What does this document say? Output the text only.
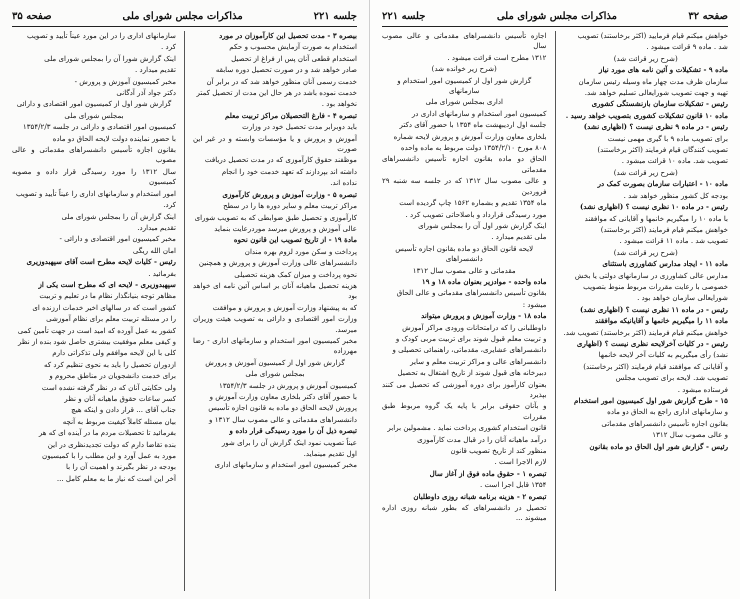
جلسه ۲۲۱
مذاکرات مجلس شورای ملی
صفحه ۳۵

بیصره ۳ - مدت تحصیل این کارآموزان در مورد

استخدام به صورت آزمایش محسوب و حکم

استخدام قطعی آنان پس از فراغ از تحصیل

صادر خواهد شد و در صورت تحصیل دوره سابقه

خدمت رسمی آنان منظور خواهد شد که در برابر آن

خدمت نموده باشد در هر حال این مدت از تحصیل کمتر

نخواهد بود .

تبصره ۴ - فارغ التحصیلان مراکز تربیت معلم

باید دوبرابر مدت تحصیل خود در وزارت

آموزش و پرورش و یا مؤسسات وابسته و در غیر این صورت

موظفند حقوق کارآموزی که در مدت تحصیل دریافت

داشته اند بپردازند که تعهد خدمت خود را انجام

نداده اند.

تبصره ۵ - وزارت آموزش و پرورش کارآموزی

مراکز تربیت معلم و سایر دوره ها را در سطح

کارآموزی و تحصیل طبق ضوابطی که به تصویب شورای

عالی آموزش و پرورش میرسد موردرعایت بنماید

مادة ۱۹ - از تاریخ تصویب این قانون نحوه

پرداخت و سکن مورد لزوم بهره مندان

دانشسراهای عالی وزارت آموزش و پرورش و همچنین

نحوه پرداخت و میزان کمک هزینه تحصیلی

هزینه تحصیل ماهیانه آنان بر اساس آئین نامه ای خواهد بود

که به پیشنهاد وزارت آموزش و پرورش و موافقت

وزارت امور اقتصادی و دارائی به تصویب هیئت وزیران میرسد.

مخبر کمیسیون امور استخدام و سازمانهای اداری - رضا مهرزاده

گزارش شور اول از کمیسیون آموزش و پرورش

بمجلس شورای ملی

کمیسیون آموزش و پرورش در جلسه ۱۳۵۴/۲/۳

با حضور آقای دکتر بلخاری معاون وزارت آموزش و

پرورش لایحه الحاق دو ماده به قانون اجازه تأسیس

دانشسراهای مقدماتی و عالی مصوب سال ۱۳۱۲ و

تبصره ذیل آن را مورد رسیدگی قرار داده و

عیناً تصویب نمود اینک گزارش آن را برای شور

اول تقدیم مینماید.

مخبر کمیسیون امور استخدام و سازمانهای اداری

سازمانهای اداری را در این مورد عیناً تأیید و تصویب

کرد .

اینک گزارش شورا آن را بمجلس شورای ملی

تقدیم میدارد .

مخبر کمیسیون آموزش و پرورش -

دکتر جواد آذر آدگانی

گزارش شور اول از کمیسیون امور اقتصادی و دارائی

بمجلس شورای ملی

کمیسیون امور اقتصادی و دارائی در جلسه ۱۳۵۴/۲/۳

با حضور نماینده دولت لایحه الحاق دو ماده

بقانون اجازه تأسیس دانشسراهای مقدماتی و عالی مصوب

سال ۱۳۱۲ را مورد رسیدگی قرار داده و مصوبه کمیسیون

امور استخدام و سازمانهای اداری را عیناً تأیید و تصویب

کرد.

اینک گزارش آن را بمجلس شورای ملی

تقدیم میدارد.

مخبر کمیسیون امور اقتصادی و دارائی -

امان الله ریگی

رئیس - کلیات لایحه مطرح است آقای سپهبدوزیری

بفرمائید .

سپهبدوزیری - لایحه ای که مطرح است یکی از

مظاهر توجه بنیانگذار نظام ما در تعلیم و تربیت

کشور است که در سالهای اخیر خدمات ارزنده ای

را در مسئله تربیت معلم برای نظام آموزشی

کشور به عمل آورده که امید است در جهت تأمین کمی

و کیفی معلم موفقیت بیشتری حاصل شود بنده از نظر

کلی با این لایحه موافقم ولی تذکراتی دارم

ازدوران تحصیل را باید به نحوی تنظیم کرد که

برای خدمت دانشجویان در مناطق محروم و

ولی حکایتی آنان که در نظر گرفته نشده است

کسر ساعات حقوق ماهیانه آنان و نظر

جناب آقای ... قرار دادن و اینکه هیچ

بیان مسئله کاملاً کیفیت مربوط به آنچه

بفرمائید تا تحصیلات مردم ما در آینده ای که هر

بنده تقاضا دارم که دولت تجدیدنظری در این

مورد به عمل آورد و این مطلب را با کمیسیون

بودجه در نظر بگیرند و اهمیت آن را با

آخر این است که نیاز ما به معلم کامل ...

صفحه ۳۲
مذاکرات مجلس شورای ملی
جلسه ۲۲۱

خواهش میکنم قیام فرمایید (اکثر برخاستند) تصویب

شد . ماده ۹ قرائت میشود .

(شرح زیر قرائت شد)

ماده ۹ - تشکیلات و آئین نامه های مورد نیاز

سازمان ظرف مدت چهار ماه وسیله رئیس سازمان

تهیه و جهت تصویب شورایعالی تسلیم خواهد شد.

رئیس - تشکیلات سازمان بازنشستگی کشوری

ماده ۱۰ قانون تشکیلات کشوری بتصویب خواهد رسید .

رئیس - در ماده ۹ نظری نیست ؟ (اظهاری نشد)

برای تصویب ماده ۹ با گیری مهمی نیست

تصویب کنندگان قیام فرمایند (اکثر برخاستند)

تصویب شد. ماده ۱۰ قرائت میشود .

(شرح زیر قرائت شد)

ماده ۱۰ - اعتبارات سازمان بصورت کمک در

بودجه کل کشور منظور خواهد شد .

رئیس - در ماده ۱۰ نظری نیست ؟ (اظهاری نشد)

با ماده ۱۰ را میگیریم خانمها و آقایانی که موافقند

خواهش میکنم قیام فرمایند (اکثر برخاستند)

تصویب شد . ماده ۱۱ قرائت میشود .

(شرح زیر قرائت شد)

ماده ۱۱ - ایجاد مدارس کشاورزی باستثنای

مدارس عالی کشاورزی در سازمانهای دولتی یا بخش

خصوصی با رعایت مقررات مربوط منوط بتصویب

شورایعالی سازمان خواهد بود .

رئیس - در ماده ۱۱ نظری نیست ؟ (اظهاری نشد)

ماده ۱۱ را میگیریم خانمها و آقایانیکه موافقند

خواهش میکنم قیام فرمایند (اکثر برخاستند) تصویب شد.

رئیس - در کلیات آخرلایحه نظری نیست ؟ (اظهاری

نشد) رأی میگیریم به کلیات آخر لایحه خانمها

و آقایانی که موافقند قیام فرمایند (اکثر برخاستند)

تصویب شد. لایحه برای تصویب مجلس

فرستاده میشود .

۱۵ - طرح گزارش شور اول کمیسیون امور استخدام

و سازمانهای اداری راجع به الحاق دو ماده

بقانون اجازه تأسیس دانشسراهای مقدماتی

و عالی مصوب سال ۱۳۱۲

رئیس - گزارش شور اول الحاق دو ماده بقانون

اجازه تأسیس دانشسراهای مقدماتی و عالی مصوب سال

۱۳۱۲ مطرح است قرائت میشود .

(شرح زیر خوانده شد)

گزارش شور اول از کمیسیون امور استخدام و سازمانهای

اداری بمجلس شورای ملی

کمیسیون امور استخدام و سازمانهای اداری در

جلسه اول اردیبهشت ماه ۱۳۵۴ با حضور آقای دکتر

بلخاری معاون وزارت آموزش و پرورش لایحه شماره

۸۰۸ مورخ ۱۳۵۴/۲/۱۰ دولت مربوط به ماده واحده

الحاق دو ماده بقانون اجازه تأسیس دانشسراهای مقدماتی

و عالی مصوب سال ۱۳۱۲ که در جلسه سه شنبه ۲۹ فروردین

ماه ۱۳۵۴ تقدیم و بشماره ۱۵۶۲ چاپ گردیده است

مورد رسیدگی قرارداد و باصلاحاتی تصویب کرد .

اینک گزارش شور اول آن را بمجلس شورای

ملی تقدیم میدارد .

لایحه قانون الحاق دو ماده بقانون اجازه تأسیس دانشسراهای

مقدماتی و عالی مصوب سال ۱۳۱۲

ماده واحده - موادزیر بعنوان ماده ۱۸ و ۱۹

بقانون تأسیس دانشسراهای مقدماتی و عالی الحاق

میشود :

ماده ۱۸ - وزارت آموزش و پرورش میتواند

داوطلبانی را که درامتحانات ورودی مراکز آموزش

و تربیت معلم قبول شوند برای تربیت مربی کودک و

دانشسراهای عشایری، مقدماتی، راهنمائی تحصیلی و

دانشسراهای عالی و مراکز تربیت معلم و سایر

دبیرخانه های قبول شوند از تاریخ اشتغال به تحصیل

بعنوان کارآموز برای دوره آموزشی که تحصیل می کنند بپذیرد

و بآنان حقوقی برابر با پایه یک گروه مربوط طبق مقررات

قانون استخدام کشوری پرداخت نماید . مشمولین برابر

درآمد ماهیانه آنان را در قبال مدت کارآموزی

منظور کند از تاریخ تصویب قانون

لازم الاجرا است .

تبصره ۱ - حقوق ماده فوق از آغاز سال

۱۳۵۴ قابل اجرا است .

تبصره ۲ - هزینه برنامه شبانه روزی داوطلبان

تحصیل در دانشسراهای که بطور شبانه روزی اداره میشوند ...
